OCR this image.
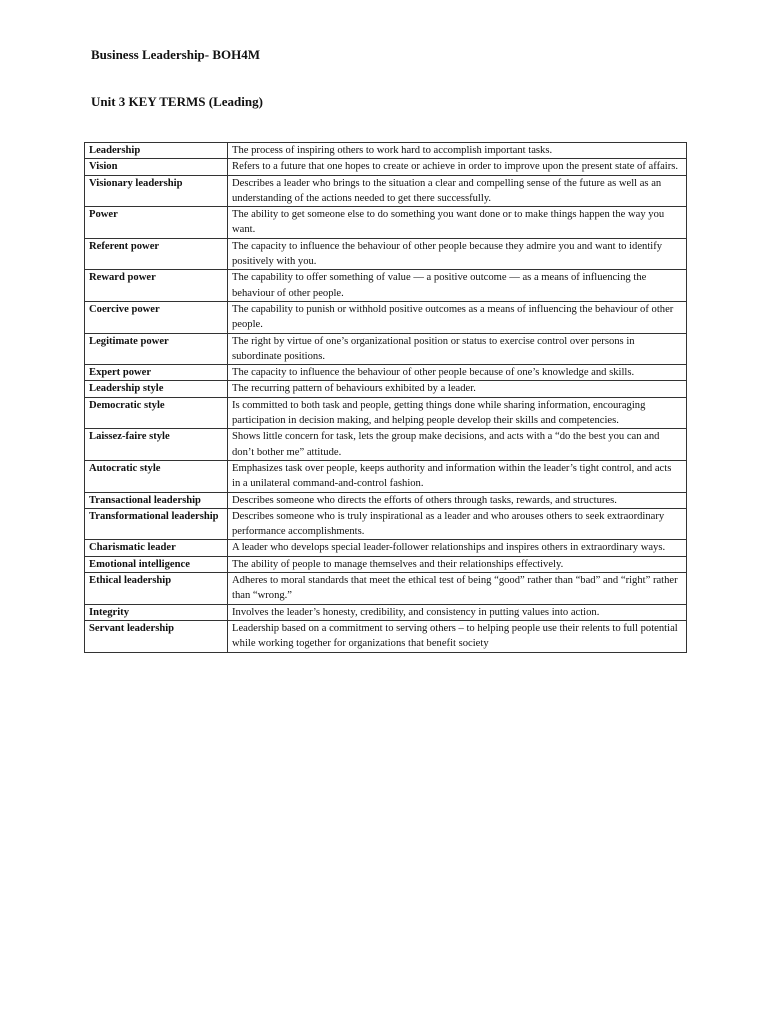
Business Leadership- BOH4M
Unit 3 KEY TERMS (Leading)
Leadership	The process of inspiring others to work hard to accomplish important tasks.
Vision	Refers to a future that one hopes to create or achieve in order to improve upon the present state of affairs.
Visionary leadership	Describes a leader who brings to the situation a clear and compelling sense of the future as well as an understanding of the actions needed to get there successfully.
Power	The ability to get someone else to do something you want done or to make things happen the way you want.
Referent power	The capacity to influence the behaviour of other people because they admire you and want to identify positively with you.
Reward power	The capability to offer something of value — a positive outcome — as a means of influencing the behaviour of other people.
Coercive power	The capability to punish or withhold positive outcomes as a means of influencing the behaviour of other people.
Legitimate power	The right by virtue of one’s organizational position or status to exercise control over persons in subordinate positions.
Expert power	The capacity to influence the behaviour of other people because of one’s knowledge and skills.
Leadership style	The recurring pattern of behaviours exhibited by a leader.
Democratic style	Is committed to both task and people, getting things done while sharing information, encouraging participation in decision making, and helping people develop their skills and competencies.
Laissez-faire style	Shows little concern for task, lets the group make decisions, and acts with a “do the best you can and don’t bother me” attitude.
Autocratic style	Emphasizes task over people, keeps authority and information within the leader’s tight control, and acts in a unilateral command-and-control fashion.
Transactional leadership	Describes someone who directs the efforts of others through tasks, rewards, and structures.
Transformational leadership	Describes someone who is truly inspirational as a leader and who arouses others to seek extraordinary performance accomplishments.
Charismatic leader	A leader who develops special leader-follower relationships and inspires others in extraordinary ways.
Emotional intelligence	The ability of people to manage themselves and their relationships effectively.
Ethical leadership	Adheres to moral standards that meet the ethical test of being “good” rather than “bad” and “right” rather than “wrong.”
Integrity	Involves the leader’s honesty, credibility, and consistency in putting values into action.
Servant leadership	Leadership based on a commitment to serving others – to helping people use their relents to full potential while working together for organizations that benefit society
